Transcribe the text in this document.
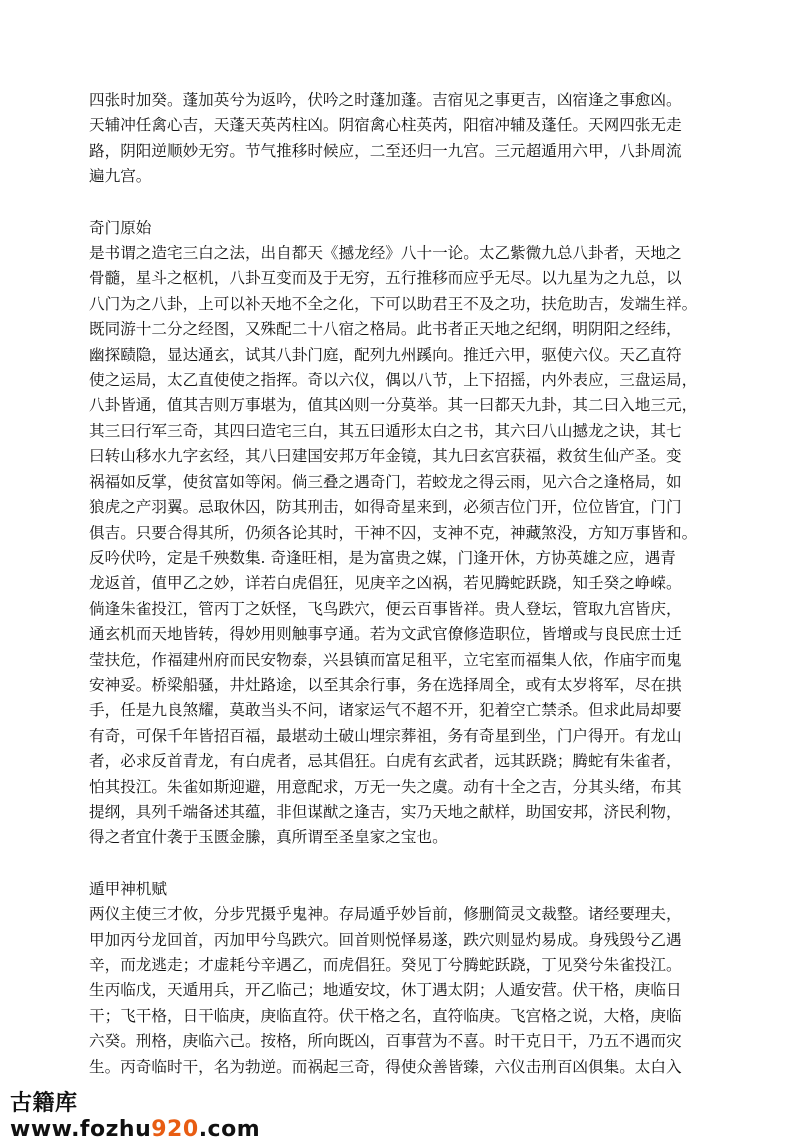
四张时加癸。蓬加英兮为返吟，伏吟之时蓬加蓬。吉宿见之事更吉，凶宿逢之事愈凶。

天辅冲任禽心吉，天蓬天英芮柱凶。阴宿禽心柱英芮，阳宿冲辅及蓬任。天网四张无走

路，阴阳逆顺妙无穷。节气推移时候应，二至还归一九宫。三元超遁用六甲，八卦周流

遍九宫。

奇门原始

是书谓之造宅三白之法，出自都天《撼龙经》八十一论。太乙紫微九总八卦者，天地之

骨髓，星斗之枢机，八卦互变而及于无穷，五行推移而应乎无尽。以九星为之九总，以

八门为之八卦，上可以补天地不全之化，下可以助君王不及之功，扶危助吉，发端生祥。

既同游十二分之经图，又殊配二十八宿之格局。此书者正天地之纪纲，明阴阳之经纬，

幽探赜隐，显达通玄，试其八卦门庭，配列九州蹊向。推迁六甲，驱使六仪。天乙直符

使之运局，太乙直使使之指挥。奇以六仪，偶以八节，上下招摇，内外表应，三盘运局，

八卦皆通，值其吉则万事堪为，值其凶则一分莫举。其一曰都天九卦，其二曰入地三元，

其三曰行军三奇，其四曰造宅三白，其五曰遁形太白之书，其六曰八山撼龙之诀，其七

曰转山移水九字玄经，其八曰建国安邦万年金镜，其九曰玄宫获福，救贫生仙产圣。变

祸福如反掌，使贫富如等闲。倘三叠之遇奇门，若蛟龙之得云雨，见六合之逢格局，如

狼虎之产羽翼。忌取休囚，防其刑击，如得奇星来到，必须吉位门开，位位皆宜，门门

俱吉。只要合得其所，仍须各论其时，干神不囚，支神不克，神藏煞没，方知万事皆和。

反吟伏吟，定是千殃数集. 奇逢旺相，是为富贵之媒，门逢开休，方协英雄之应，遇青

龙返首，值甲乙之妙，详若白虎倡狂，见庚辛之凶祸，若见腾蛇跃跷，知壬癸之峥嵘。

倘逢朱雀投江，管丙丁之妖怪，飞鸟跌穴，便云百事皆祥。贵人登坛，管取九宫皆庆，

通玄机而天地皆转，得妙用则触事亨通。若为文武官僚修造职位，皆增或与良民庶士迁

莹扶危，作福建州府而民安物泰，兴县镇而富足租平，立宅室而福集人依，作庙宇而鬼

安神妥。桥梁船骚，井灶路途，以至其余行事，务在选择周全，或有太岁将军，尽在拱

手，任是九良煞耀，莫敢当头不问，诸家运气不超不开，犯着空亡禁杀。但求此局却要

有奇，可保千年皆招百福，最堪动土破山埋宗葬祖，务有奇星到坐，门户得开。有龙山

者，必求反首青龙，有白虎者，忌其倡狂。白虎有玄武者，远其跃跷；腾蛇有朱雀者，

怕其投江。朱雀如斯迎避，用意配求，万无一失之虞。动有十全之吉，分其头绪，布其

提纲，具列千端备述其蕴，非但谋猷之逢吉，实乃天地之献样，助国安邦，济民利物，

得之者宜什袭于玉匮金縢，真所谓至圣皇家之宝也。

遁甲神机赋

两仪主使三才攸，分步咒摄乎鬼神。存局遁乎妙旨前，修删简灵文裁整。诸经要理夫，

甲加丙兮龙回首，丙加甲兮鸟跌穴。回首则悦怿易遂，跌穴则显灼易成。身残毁兮乙遇

辛，而龙逃走；才虚耗兮辛遇乙，而虎倡狂。癸见丁兮腾蛇跃跷，丁见癸兮朱雀投江。

生丙临戊，天遁用兵，开乙临己；地遁安坟，休丁遇太阴；人遁安营。伏干格，庚临日

干；飞干格，日干临庚，庚临直符。伏干格之名，直符临庚。飞宫格之说，大格，庚临

六癸。刑格，庚临六己。按格，所向既凶，百事营为不喜。时干克日干，乃五不遇而灾

生。丙奇临时干，名为勃逆。而祸起三奇，得使众善皆臻，六仪击刑百凶俱集。太白入

古籍库 www.fozhu920.com
